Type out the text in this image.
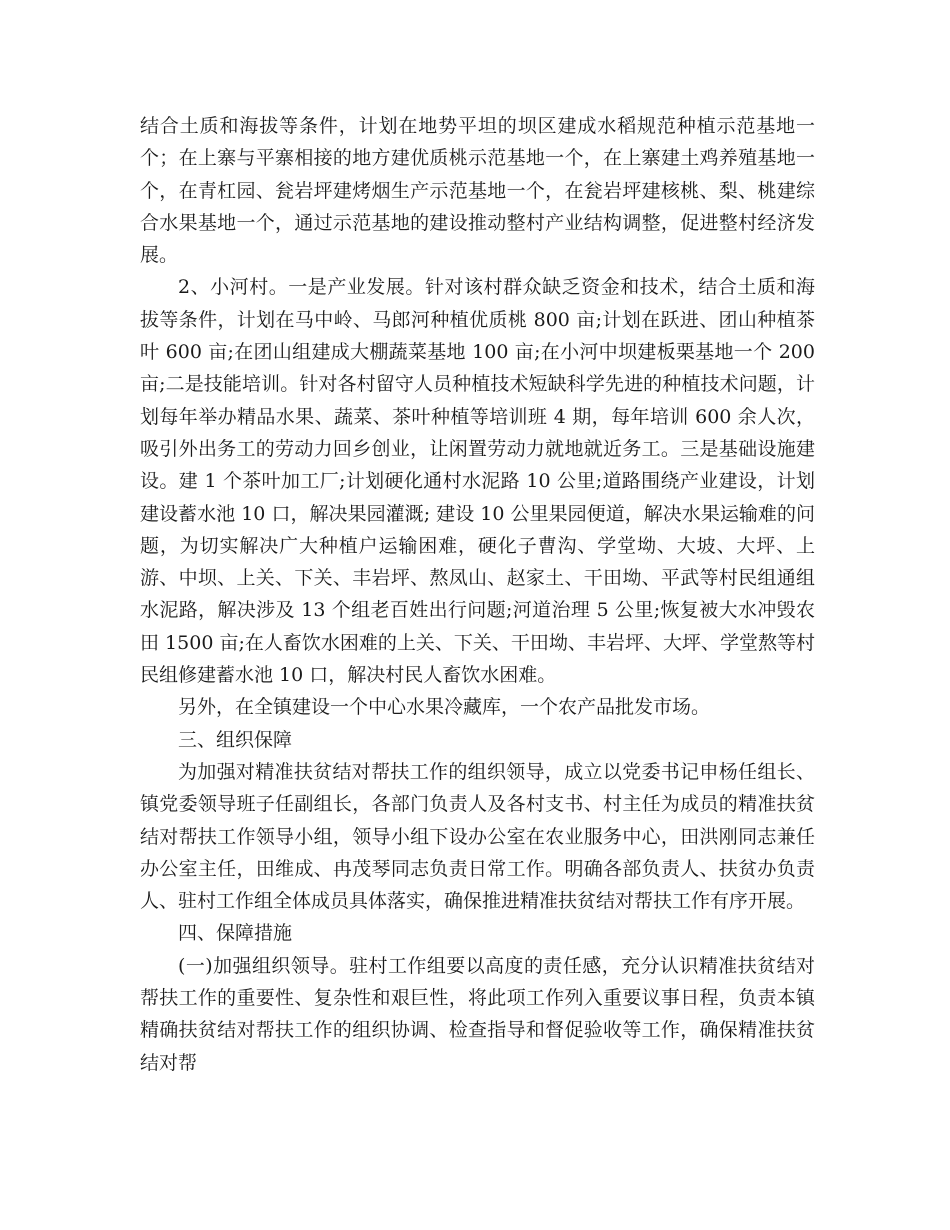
结合土质和海拔等条件，计划在地势平坦的坝区建成水稻规范种植示范基地一个；在上寨与平寨相接的地方建优质桃示范基地一个，在上寨建土鸡养殖基地一个，在青杠园、瓮岩坪建烤烟生产示范基地一个，在瓮岩坪建核桃、梨、桃建综合水果基地一个，通过示范基地的建设推动整村产业结构调整，促进整村经济发展。

2、小河村。一是产业发展。针对该村群众缺乏资金和技术，结合土质和海拔等条件，计划在马中岭、马郎河种植优质桃 800 亩;计划在跃进、团山种植茶叶 600 亩;在团山组建成大棚蔬菜基地 100 亩;在小河中坝建板栗基地一个 200 亩;二是技能培训。针对各村留守人员种植技术短缺科学先进的种植技术问题，计划每年举办精品水果、蔬菜、茶叶种植等培训班 4 期，每年培训 600 余人次，吸引外出务工的劳动力回乡创业，让闲置劳动力就地就近务工。三是基础设施建设。建 1 个茶叶加工厂;计划硬化通村水泥路 10 公里;道路围绕产业建设，计划建设蓄水池 10 口，解决果园灌溉; 建设 10 公里果园便道，解决水果运输难的问题，为切实解决广大种植户运输困难，硬化子曹沟、学堂坳、大坡、大坪、上游、中坝、上关、下关、丰岩坪、熬凤山、赵家土、干田坳、平武等村民组通组水泥路，解决涉及 13 个组老百姓出行问题;河道治理 5 公里;恢复被大水冲毁农田 1500 亩;在人畜饮水困难的上关、下关、干田坳、丰岩坪、大坪、学堂熬等村民组修建蓄水池 10 口，解决村民人畜饮水困难。

另外，在全镇建设一个中心水果冷藏库，一个农产品批发市场。

三、组织保障

为加强对精准扶贫结对帮扶工作的组织领导，成立以党委书记申杨任组长、镇党委领导班子任副组长，各部门负责人及各村支书、村主任为成员的精准扶贫结对帮扶工作领导小组，领导小组下设办公室在农业服务中心，田洪刚同志兼任办公室主任，田维成、冉茂琴同志负责日常工作。明确各部负责人、扶贫办负责人、驻村工作组全体成员具体落实，确保推进精准扶贫结对帮扶工作有序开展。

四、保障措施

(一)加强组织领导。驻村工作组要以高度的责任感，充分认识精准扶贫结对帮扶工作的重要性、复杂性和艰巨性，将此项工作列入重要议事日程，负责本镇精确扶贫结对帮扶工作的组织协调、检查指导和督促验收等工作，确保精准扶贫结对帮
